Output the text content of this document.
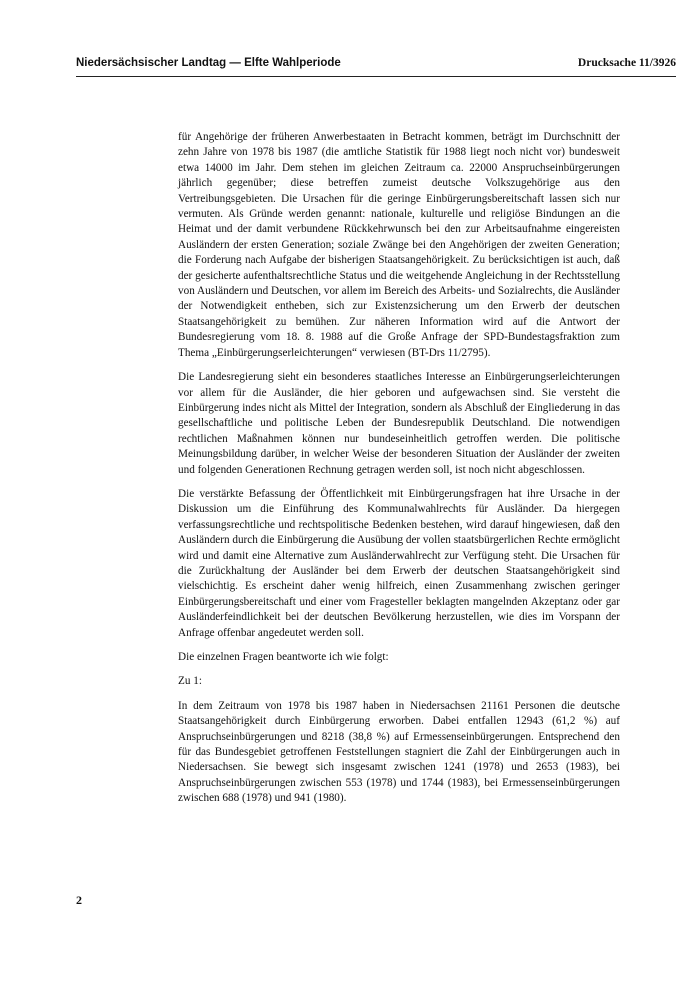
Niedersächsischer Landtag — Elfte Wahlperiode	Drucksache 11/3926

für Angehörige der früheren Anwerbestaaten in Betracht kommen, beträgt im Durchschnitt der zehn Jahre von 1978 bis 1987 (die amtliche Statistik für 1988 liegt noch nicht vor) bundesweit etwa 14000 im Jahr. Dem stehen im gleichen Zeitraum ca. 22000 Anspruchseinbürgerungen jährlich gegenüber; diese betreffen zumeist deutsche Volkszugehörige aus den Vertreibungsgebieten. Die Ursachen für die geringe Einbürgerungsbereitschaft lassen sich nur vermuten. Als Gründe werden genannt: nationale, kulturelle und religiöse Bindungen an die Heimat und der damit verbundene Rückkehrwunsch bei den zur Arbeitsaufnahme eingereisten Ausländern der ersten Generation; soziale Zwänge bei den Angehörigen der zweiten Generation; die Forderung nach Aufgabe der bisherigen Staatsangehörigkeit. Zu berücksichtigen ist auch, daß der gesicherte aufenthaltsrechtliche Status und die weitgehende Angleichung in der Rechtsstellung von Ausländern und Deutschen, vor allem im Bereich des Arbeits- und Sozialrechts, die Ausländer der Notwendigkeit entheben, sich zur Existenzsicherung um den Erwerb der deutschen Staatsangehörigkeit zu bemühen. Zur näheren Information wird auf die Antwort der Bundesregierung vom 18. 8. 1988 auf die Große Anfrage der SPD-Bundestagsfraktion zum Thema „Einbürgerungserleichterungen“ verwiesen (BT-Drs 11/2795).

Die Landesregierung sieht ein besonderes staatliches Interesse an Einbürgerungserleichterungen vor allem für die Ausländer, die hier geboren und aufgewachsen sind. Sie versteht die Einbürgerung indes nicht als Mittel der Integration, sondern als Abschluß der Eingliederung in das gesellschaftliche und politische Leben der Bundesrepublik Deutschland. Die notwendigen rechtlichen Maßnahmen können nur bundeseinheitlich getroffen werden. Die politische Meinungsbildung darüber, in welcher Weise der besonderen Situation der Ausländer der zweiten und folgenden Generationen Rechnung getragen werden soll, ist noch nicht abgeschlossen.

Die verstärkte Befassung der Öffentlichkeit mit Einbürgerungsfragen hat ihre Ursache in der Diskussion um die Einführung des Kommunalwahlrechts für Ausländer. Da hiergegen verfassungsrechtliche und rechtspolitische Bedenken bestehen, wird darauf hingewiesen, daß den Ausländern durch die Einbürgerung die Ausübung der vollen staatsbürgerlichen Rechte ermöglicht wird und damit eine Alternative zum Ausländerwahlrecht zur Verfügung steht. Die Ursachen für die Zurückhaltung der Ausländer bei dem Erwerb der deutschen Staatsangehörigkeit sind vielschichtig. Es erscheint daher wenig hilfreich, einen Zusammenhang zwischen geringer Einbürgerungsbereitschaft und einer vom Fragesteller beklagten mangelnden Akzeptanz oder gar Ausländerfeindlichkeit bei der deutschen Bevölkerung herzustellen, wie dies im Vorspann der Anfrage offenbar angedeutet werden soll.

Die einzelnen Fragen beantworte ich wie folgt:

Zu 1:

In dem Zeitraum von 1978 bis 1987 haben in Niedersachsen 21161 Personen die deutsche Staatsangehörigkeit durch Einbürgerung erworben. Dabei entfallen 12943 (61,2 %) auf Anspruchseinbürgerungen und 8218 (38,8 %) auf Ermessenseinbürgerungen. Entsprechend den für das Bundesgebiet getroffenen Feststellungen stagniert die Zahl der Einbürgerungen auch in Niedersachsen. Sie bewegt sich insgesamt zwischen 1241 (1978) und 2653 (1983), bei Anspruchseinbürgerungen zwischen 553 (1978) und 1744 (1983), bei Ermessenseinbürgerungen zwischen 688 (1978) und 941 (1980).

2
